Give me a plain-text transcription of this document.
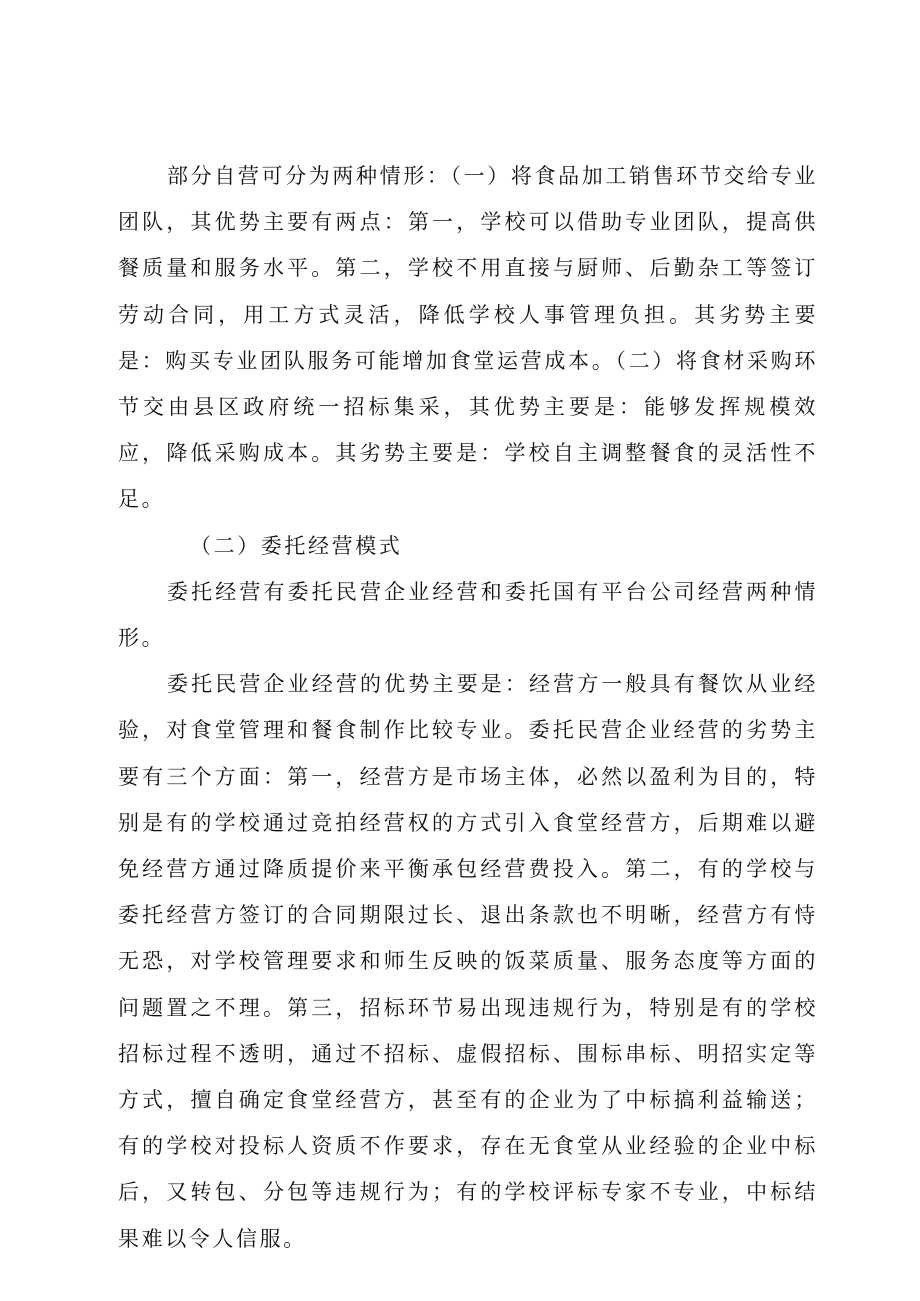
部分自营可分为两种情形：（一）将食品加工销售环节交给专业团队，其优势主要有两点：第一，学校可以借助专业团队，提高供餐质量和服务水平。第二，学校不用直接与厨师、后勤杂工等签订劳动合同，用工方式灵活，降低学校人事管理负担。其劣势主要是：购买专业团队服务可能增加食堂运营成本。（二）将食材采购环节交由县区政府统一招标集采，其优势主要是：能够发挥规模效应，降低采购成本。其劣势主要是：学校自主调整餐食的灵活性不足。

（二）委托经营模式

委托经营有委托民营企业经营和委托国有平台公司经营两种情形。

委托民营企业经营的优势主要是：经营方一般具有餐饮从业经验，对食堂管理和餐食制作比较专业。委托民营企业经营的劣势主要有三个方面：第一，经营方是市场主体，必然以盈利为目的，特别是有的学校通过竞拍经营权的方式引入食堂经营方，后期难以避免经营方通过降质提价来平衡承包经营费投入。第二，有的学校与委托经营方签订的合同期限过长、退出条款也不明晰，经营方有恃无恐，对学校管理要求和师生反映的饭菜质量、服务态度等方面的问题置之不理。第三，招标环节易出现违规行为，特别是有的学校招标过程不透明，通过不招标、虚假招标、围标串标、明招实定等方式，擅自确定食堂经营方，甚至有的企业为了中标搞利益输送；有的学校对投标人资质不作要求，存在无食堂从业经验的企业中标后，又转包、分包等违规行为；有的学校评标专家不专业，中标结果难以令人信服。
